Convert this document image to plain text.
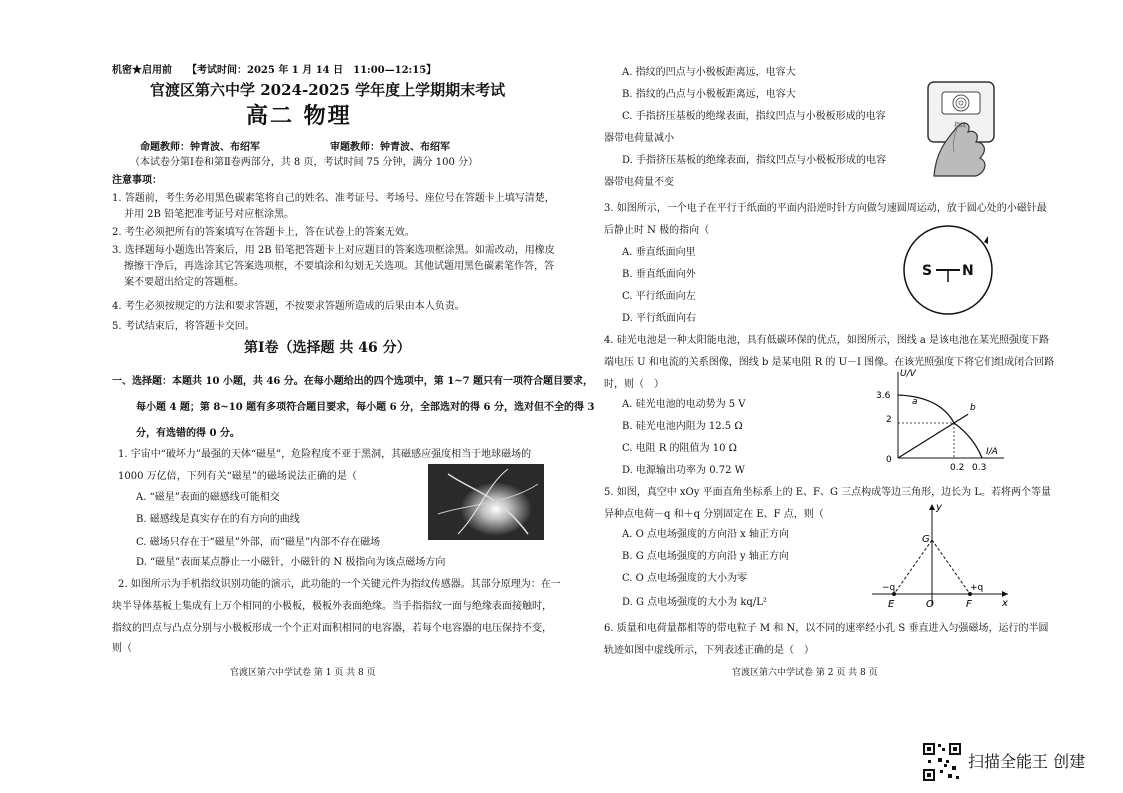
机密★启用前　　【考试时间：2025 年 1 月 14 日　11:00—12:15】
官渡区第六中学 2024-2025 学年度上学期期末考试
高二 物理
命题教师：钟青波、布绍军　　　　　　　审题教师：钟青波、布绍军
（本试卷分第Ⅰ卷和第Ⅱ卷两部分，共 8 页，考试时间 75 分钟，满分 100 分）
注意事项：
1. 答题前，考生务必用黑色碳素笔将自己的姓名、准考证号、考场号、座位号在答题卡上填写清楚，
并用 2B 铅笔把准考证号对应框涂黑。
2. 考生必须把所有的答案填写在答题卡上，答在试卷上的答案无效。
3. 选择题每小题选出答案后，用 2B 铅笔把答题卡上对应题目的答案选项框涂黑。如需改动，用橡皮
擦擦干净后，再选涂其它答案选项框，不要填涂和勾划无关选项。其他试题用黑色碳素笔作答，答
案不要超出给定的答题框。
4. 考生必须按规定的方法和要求答题，不按要求答题所造成的后果由本人负责。
5. 考试结束后，将答题卡交回。
第Ⅰ卷（选择题 共 46 分）
一、选择题：本题共 10 小题，共 46 分。在每小题给出的四个选项中，第 1~7 题只有一项符合题目要求，
每小题 4 题；第 8~10 题有多项符合题目要求，每小题 6 分，全部选对的得 6 分，选对但不全的得 3
分，有选错的得 0 分。
1. 宇宙中“破坏力”最强的天体“磁星”，危险程度不亚于黑洞，其磁感应强度相当于地球磁场的
1000 万亿倍，下列有关“磁星”的磁场说法正确的是（
A. “磁星”表面的磁感线可能相交
B. 磁感线是真实存在的有方向的曲线
C. 磁场只存在于“磁星”外部，而“磁星”内部不存在磁场
D. “磁星”表面某点静止一小磁针，小磁针的 N 极指向为该点磁场方向
2. 如图所示为手机指纹识别功能的演示，此功能的一个关键元件为指纹传感器。其部分原理为：在一
块半导体基板上集成有上万个相同的小极板，极板外表面绝缘。当手指指纹一面与绝缘表面接触时，
指纹的凹点与凸点分别与小极板形成一个个正对面积相同的电容器，若每个电容器的电压保持不变，
则（
官渡区第六中学试卷 第 1 页 共 8 页
A. 指纹的凹点与小极板距离远，电容大
B. 指纹的凸点与小极板距离远，电容大
C. 手指挤压基板的绝缘表面，指纹凹点与小极板形成的电容
器带电荷量减小
D. 手指挤压基板的绝缘表面，指纹凹点与小极板形成的电容
器带电荷量不变
指纹
3. 如图所示，一个电子在平行于纸面的平面内沿逆时针方向做匀速圆周运动，放于圆心处的小磁针最
后静止时 N 极的指向（
A. 垂直纸面向里
B. 垂直纸面向外
C. 平行纸面向左
D. 平行纸面向右
S N
4. 硅光电池是一种太阳能电池，具有低碳环保的优点，如图所示，图线 a 是该电池在某光照强度下路
端电压 U 和电流的关系图像，图线 b 是某电阻 R 的 U－I 图像。在该光照强度下将它们组成闭合回路
时，则（　）
A. 硅光电池的电动势为 5 V
B. 硅光电池内阻为 12.5 Ω
C. 电阻 R 的阻值为 10 Ω
D. 电源输出功率为 0.72 W
U/V
I/A
3.6
2
0
0.2 0.3
a
b
5. 如图，真空中 xOy 平面直角坐标系上的 E、F、G 三点构成等边三角形，边长为 L。若将两个等量
异种点电荷－q 和＋q 分别固定在 E、F 点，则（
A. O 点电场强度的方向沿 x 轴正方向
B. G 点电场强度的方向沿 y 轴正方向
C. O 点电场强度的大小为零
D. G 点电场强度的大小为 kq/L²
y
x
G
E	O	F
−q	+q
6. 质量和电荷量都相等的带电粒子 M 和 N，以不同的速率经小孔 S 垂直进入匀强磁场，运行的半圆
轨迹如图中虚线所示，下列表述正确的是（　）
官渡区第六中学试卷 第 2 页 共 8 页
扫描全能王 创建
